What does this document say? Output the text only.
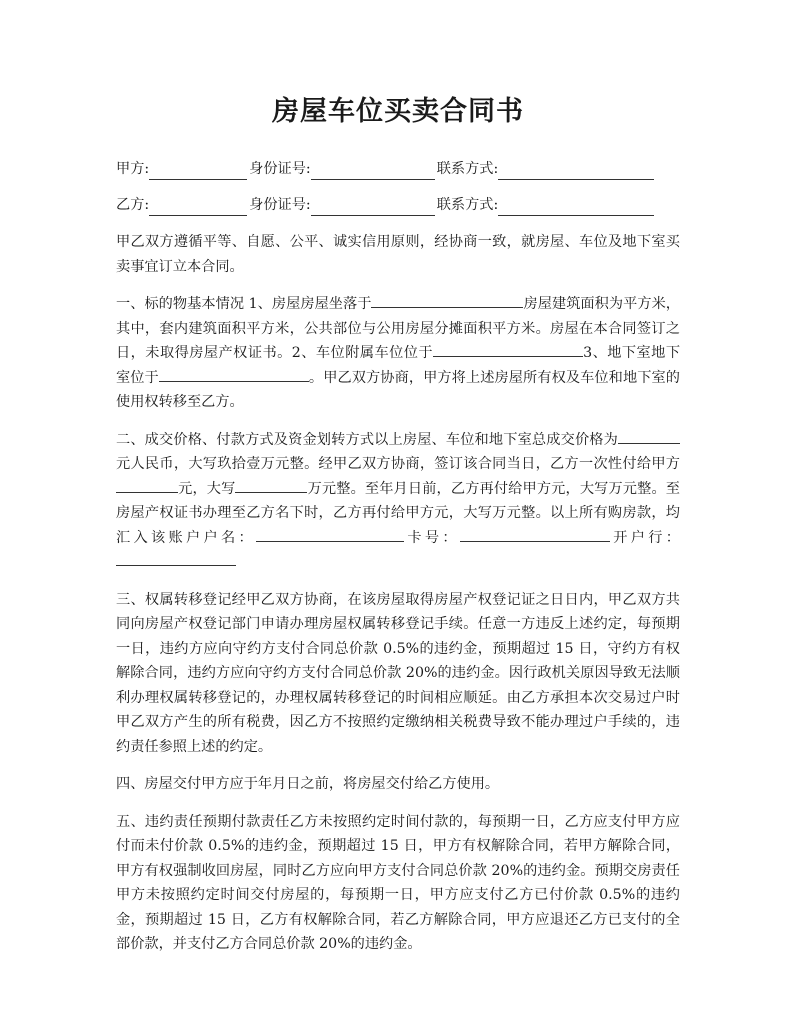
房屋车位买卖合同书
甲方:	身份证号:	联系方式:
乙方:	身份证号:	联系方式:

甲乙双方遵循平等、自愿、公平、诚实信用原则，经协商一致，就房屋、车位及地下室买卖事宜订立本合同。

一、标的物基本情况 1、房屋房屋坐落于	房屋建筑面积为平方米，其中，套内建筑面积平方米，公共部位与公用房屋分摊面积平方米。房屋在本合同签订之日，未取得房屋产权证书。2、车位附属车位位于	3、地下室地下室位于	。甲乙双方协商，甲方将上述房屋所有权及车位和地下室的使用权转移至乙方。

二、成交价格、付款方式及资金划转方式以上房屋、车位和地下室总成交价格为元人民币，大写玖拾壹万元整。经甲乙双方协商，签订该合同当日，乙方一次性付给甲方元，大写	万元整。至年月日前，乙方再付给甲方元，大写万元整。至房屋产权证书办理至乙方名下时，乙方再付给甲方元，大写万元整。以上所有购房款，均汇入该账户户名：	卡号：	开户行：

三、权属转移登记经甲乙双方协商，在该房屋取得房屋产权登记证之日日内，甲乙双方共同向房屋产权登记部门申请办理房屋权属转移登记手续。任意一方违反上述约定，每预期一日，违约方应向守约方支付合同总价款 0.5%的违约金，预期超过 15 日，守约方有权解除合同，违约方应向守约方支付合同总价款 20%的违约金。因行政机关原因导致无法顺利办理权属转移登记的，办理权属转移登记的时间相应顺延。由乙方承担本次交易过户时甲乙双方产生的所有税费，因乙方不按照约定缴纳相关税费导致不能办理过户手续的，违约责任参照上述的约定。

四、房屋交付甲方应于年月日之前，将房屋交付给乙方使用。

五、违约责任预期付款责任乙方未按照约定时间付款的，每预期一日，乙方应支付甲方应付而未付价款 0.5%的违约金，预期超过 15 日，甲方有权解除合同，若甲方解除合同，甲方有权强制收回房屋，同时乙方应向甲方支付合同总价款 20%的违约金。预期交房责任甲方未按照约定时间交付房屋的，每预期一日，甲方应支付乙方已付价款 0.5%的违约金，预期超过 15 日，乙方有权解除合同，若乙方解除合同，甲方应退还乙方已支付的全部价款，并支付乙方合同总价款 20%的违约金。
